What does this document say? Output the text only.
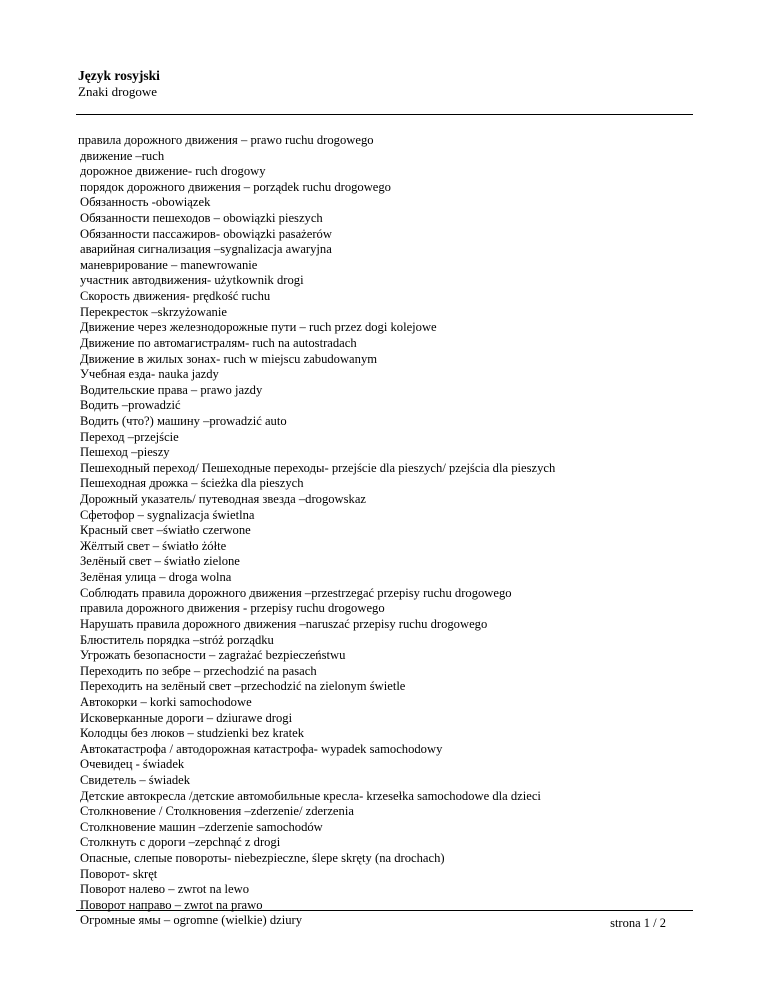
Język rosyjski

Znaki drogowe

правила дорожного движения – prawo ruchu drogowego
движение –ruch
дорожное движение- ruch drogowy
порядок дорожного движения – porządek ruchu drogowego
Обязанность -obowiązek
Обязанности пешеходов – obowiązki pieszych
Обязанности пассажиров- obowiązki pasażerów
аварийная сигнализация –sygnalizacja awaryjna
маневрирование – manewrowanie
участник автодвижения- użytkownik drogi
Скорость движения- prędkość ruchu
Перекресток –skrzyżowanie
Движение через железнодорожные пути – ruch przez dogi kolejowe
Движение по автомагистралям- ruch na autostradach
Движение в жилых зонах- ruch w miejscu zabudowanym
Учебная езда- nauka jazdy
Водительские права – prawo jazdy
Водить –prowadzić
Водить (что?) машину –prowadzić auto
Переход –przejście
Пешеход –pieszy
Пешеходный переход/ Пешеходные переходы- przejście dla pieszych/ pzejścia dla pieszych
Пешеходная дрожка – ścieżka dla pieszych
Дорожный указатель/ путеводная звезда –drogowskaz
Сфетофор – sygnalizacja świetlna
Красный свет –światło czerwone
Жёлтый свет – światło żółte
Зелёный свет – światło zielone
Зелёная улица – droga wolna
Соблюдать правила дорожного движения –przestrzegać przepisy ruchu drogowego
правила дорожного движения - przepisy ruchu drogowego
Нарушать правила дорожного движения –naruszać przepisy ruchu drogowego
Блюститель порядка –stróż porządku
Угрожать безопасности – zagrażać bezpieczeństwu
Переходить по зебре – przechodzić na pasach
Переходить на зелёный свет –przechodzić na zielonym świetle
Автокорки – korki samochodowe
Исковерканные дороги – dziurawe drogi
Колодцы без люков – studzienki bez kratek
Автокатастрофа / автодорожная катастрофа- wypadek samochodowy
Очевидец - świadek
Свидетель – świadek
Детские автокресла /детские автомобильные кресла- krzesełka samochodowe dla dzieci
Столкновение / Столкновения –zderzenie/ zderzenia
Столкновение машин –zderzenie samochodów
Столкнуть с дороги –zepchnąć z drogi
Опасные, слепые повороты- niebezpieczne, ślepe skręty (na drochach)
Поворот- skręt
Поворот налево – zwrot na lewo
Поворот направо – zwrot na prawo
Огромные ямы – ogromne (wielkie) dziury	strona 1 / 2
